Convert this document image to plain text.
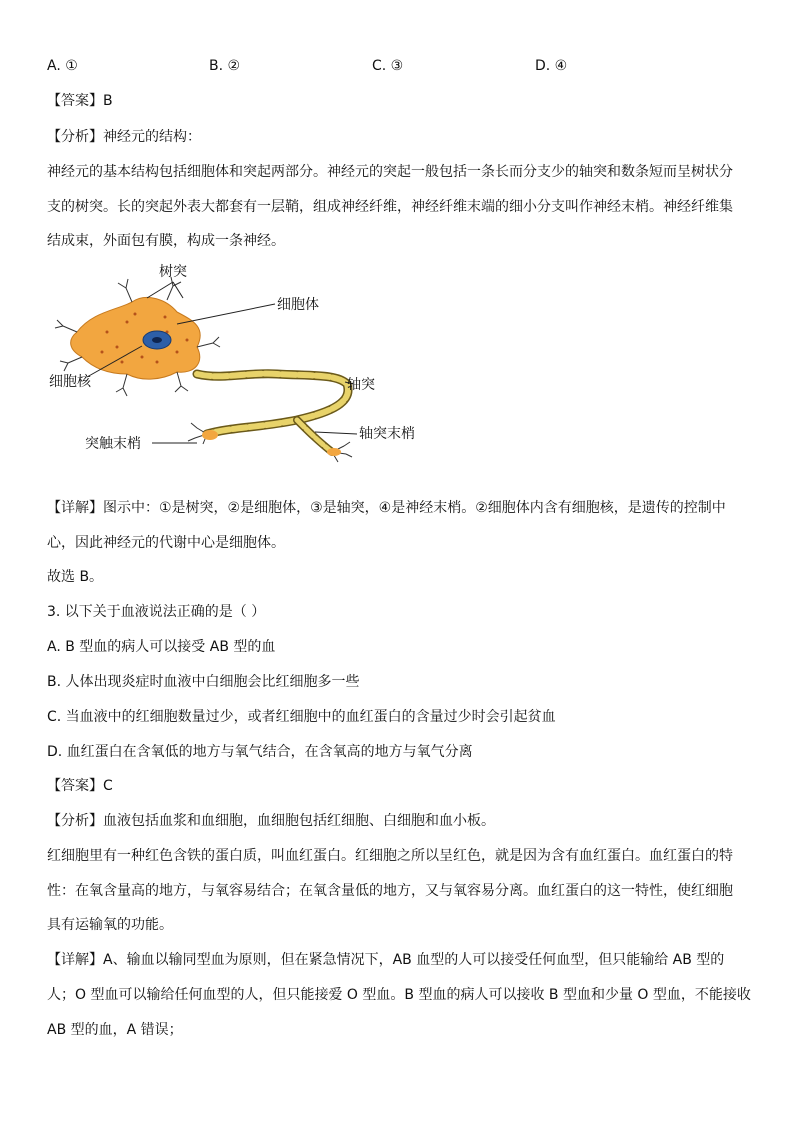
A. ①	B. ②	C. ③	D. ④
【答案】B
【分析】神经元的结构：
神经元的基本结构包括细胞体和突起两部分。神经元的突起一般包括一条长而分支少的轴突和数条短而呈树状分
支的树突。长的突起外表大都套有一层鞘，组成神经纤维，神经纤维末端的细小分支叫作神经末梢。神经纤维集
结成束，外面包有膜，构成一条神经。
树突
细胞体
细胞核	轴突
突触末梢
轴突末梢
【详解】图示中：①是树突，②是细胞体，③是轴突，④是神经末梢。②细胞体内含有细胞核，是遗传的控制中
心，因此神经元的代谢中心是细胞体。
故选 B。
3. 以下关于血液说法正确的是（ ）
A. B 型血的病人可以接受 AB 型的血
B. 人体出现炎症时血液中白细胞会比红细胞多一些
C. 当血液中的红细胞数量过少，或者红细胞中的血红蛋白的含量过少时会引起贫血
D. 血红蛋白在含氧低的地方与氧气结合，在含氧高的地方与氧气分离
【答案】C
【分析】血液包括血浆和血细胞，血细胞包括红细胞、白细胞和血小板。
红细胞里有一种红色含铁的蛋白质，叫血红蛋白。红细胞之所以呈红色，就是因为含有血红蛋白。血红蛋白的特
性：在氧含量高的地方，与氧容易结合；在氧含量低的地方，又与氧容易分离。血红蛋白的这一特性，使红细胞
具有运输氧的功能。
【详解】A、输血以输同型血为原则，但在紧急情况下，AB 血型的人可以接受任何血型，但只能输给 AB 型的
人；O 型血可以输给任何血型的人，但只能接爱 O 型血。B 型血的病人可以接收 B 型血和少量 O 型血，不能接收
AB 型的血，A 错误；
